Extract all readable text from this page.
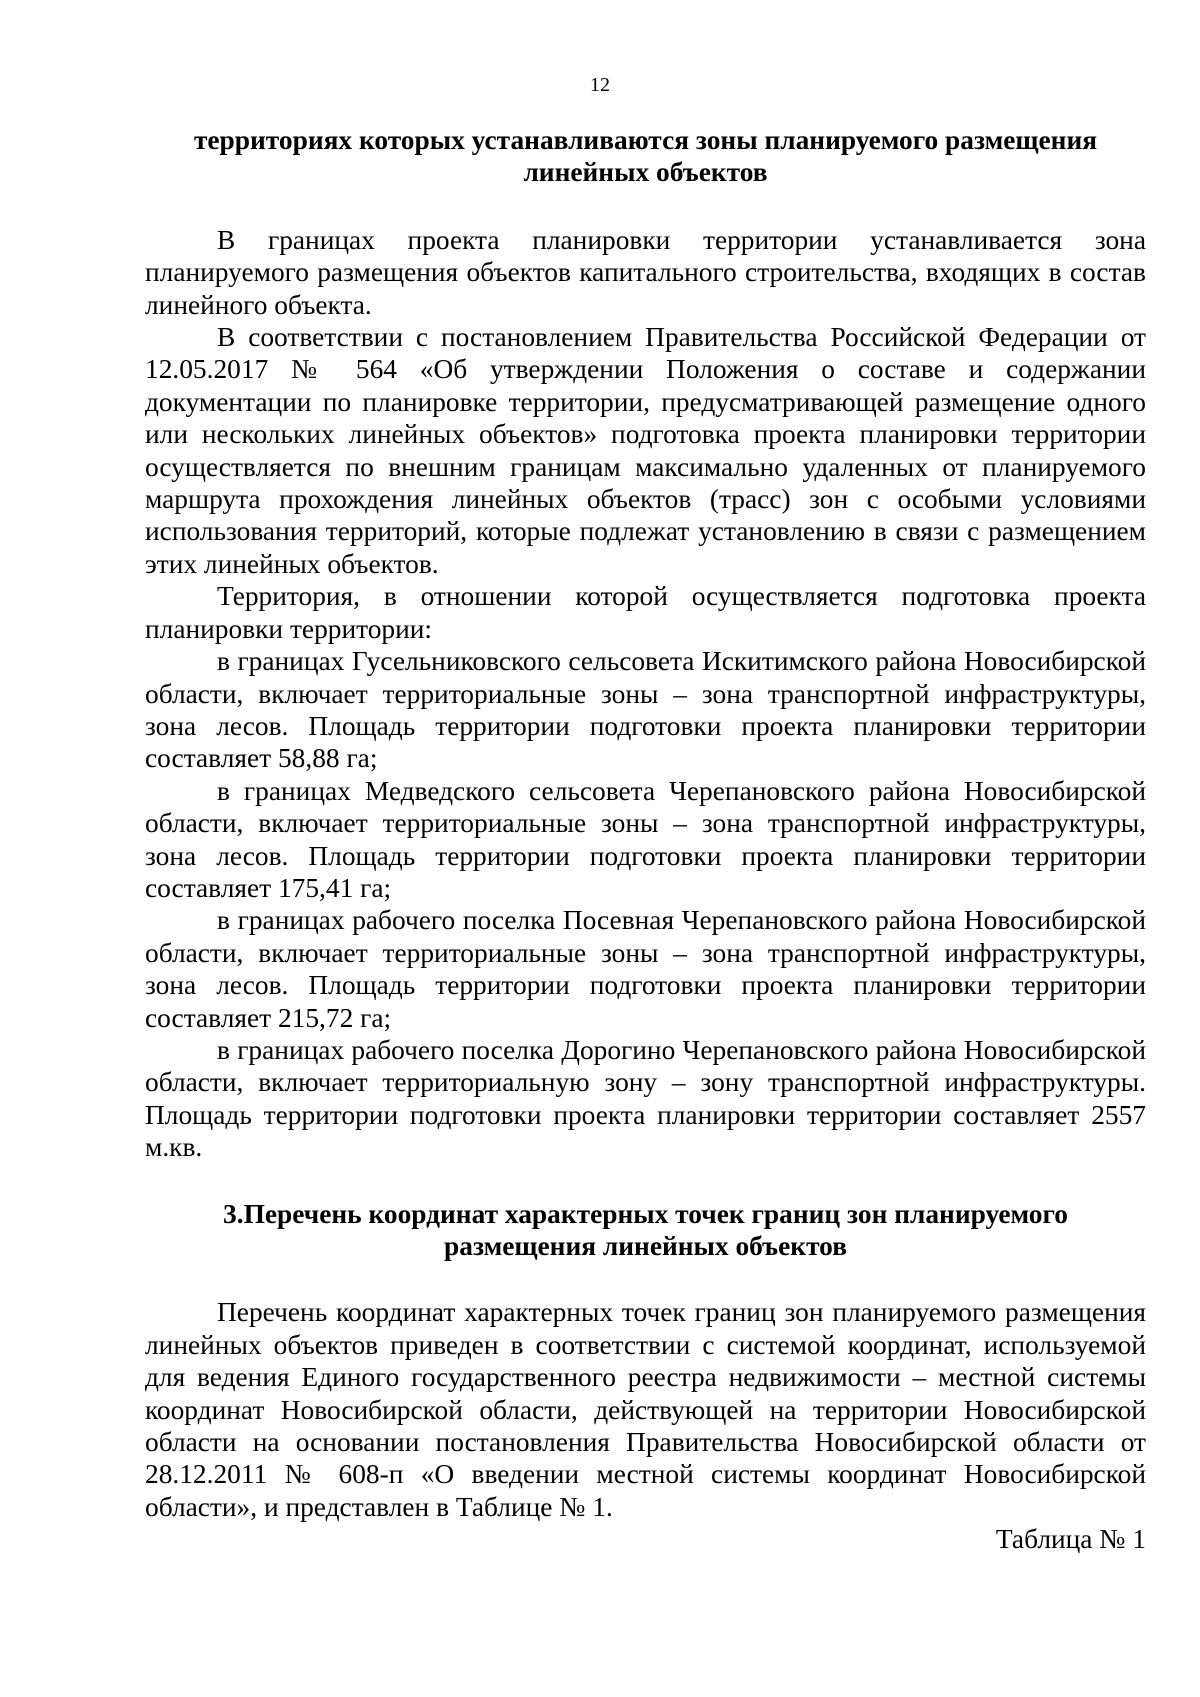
12

территориях которых устанавливаются зоны планируемого размещения линейных объектов

В границах проекта планировки территории устанавливается зона планируемого размещения объектов капитального строительства, входящих в состав линейного объекта.

В соответствии с постановлением Правительства Российской Федерации от 12.05.2017 № 564 «Об утверждении Положения о составе и содержании документации по планировке территории, предусматривающей размещение одного или нескольких линейных объектов» подготовка проекта планировки территории осуществляется по внешним границам максимально удаленных от планируемого маршрута прохождения линейных объектов (трасс) зон с особыми условиями использования территорий, которые подлежат установлению в связи с размещением этих линейных объектов.

Территория, в отношении которой осуществляется подготовка проекта планировки территории:

в границах Гусельниковского сельсовета Искитимского района Новосибирской области, включает территориальные зоны – зона транспортной инфраструктуры, зона лесов. Площадь территории подготовки проекта планировки территории составляет 58,88 га;

в границах Медведского сельсовета Черепановского района Новосибирской области, включает территориальные зоны – зона транспортной инфраструктуры, зона лесов. Площадь территории подготовки проекта планировки территории составляет 175,41 га;

в границах рабочего поселка Посевная Черепановского района Новосибирской области, включает территориальные зоны – зона транспортной инфраструктуры, зона лесов. Площадь территории подготовки проекта планировки территории составляет 215,72 га;

в границах рабочего поселка Дорогино Черепановского района Новосибирской области, включает территориальную зону – зону транспортной инфраструктуры. Площадь территории подготовки проекта планировки территории составляет 2557 м.кв.

3.Перечень координат характерных точек границ зон планируемого размещения линейных объектов

Перечень координат характерных точек границ зон планируемого размещения линейных объектов приведен в соответствии с системой координат, используемой для ведения Единого государственного реестра недвижимости – местной системы координат Новосибирской области, действующей на территории Новосибирской области на основании постановления Правительства Новосибирской области от 28.12.2011 № 608-п «О введении местной системы координат Новосибирской области», и представлен в Таблице № 1.

Таблица № 1
